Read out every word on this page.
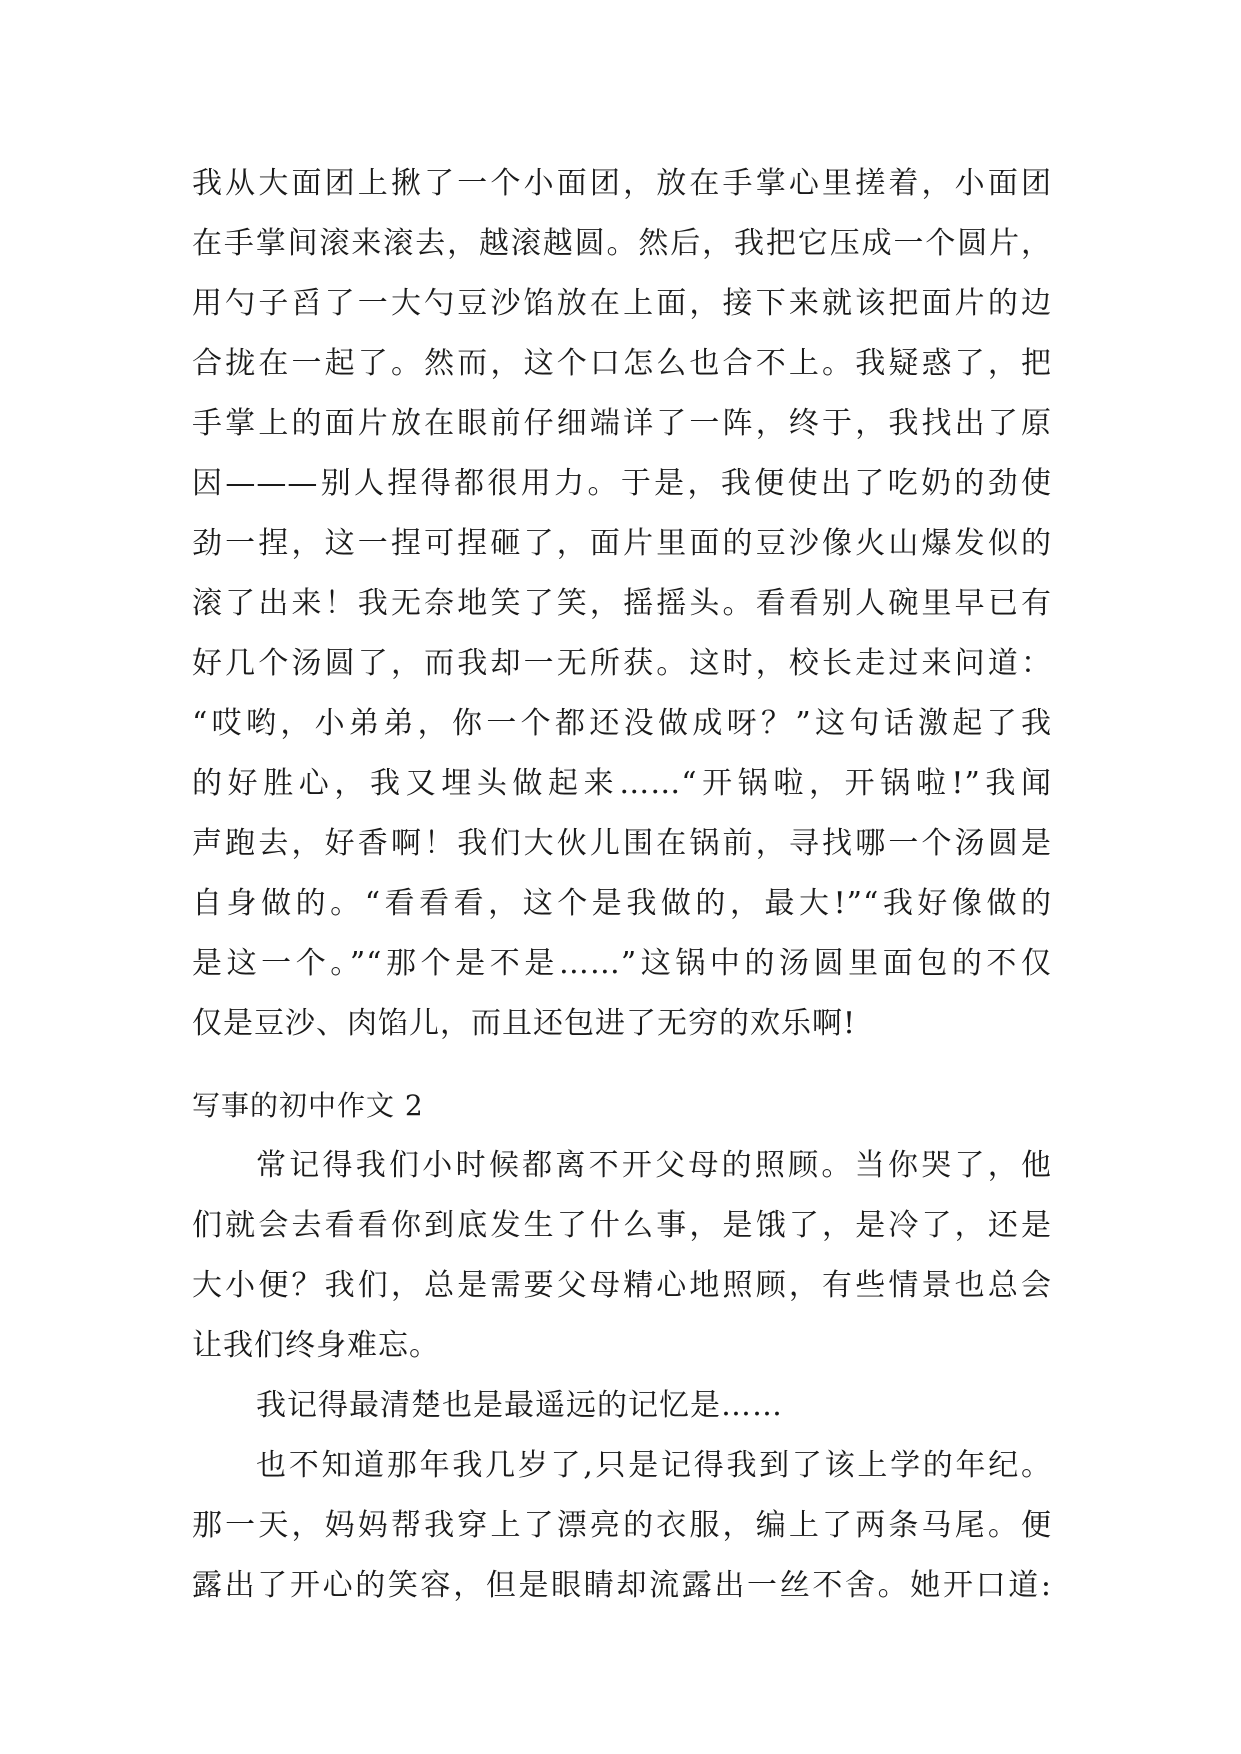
我从大面团上揪了一个小面团，放在手掌心里搓着，小面团
在手掌间滚来滚去，越滚越圆。然后，我把它压成一个圆片，
用勺子舀了一大勺豆沙馅放在上面，接下来就该把面片的边
合拢在一起了。然而，这个口怎么也合不上。我疑惑了，把
手掌上的面片放在眼前仔细端详了一阵，终于，我找出了原
因———别人捏得都很用力。于是，我便使出了吃奶的劲使
劲一捏，这一捏可捏砸了，面片里面的豆沙像火山爆发似的
滚了出来！我无奈地笑了笑，摇摇头。看看别人碗里早已有
好几个汤圆了，而我却一无所获。这时，校长走过来问道：
“哎哟，小弟弟，你一个都还没做成呀？”这句话激起了我
的好胜心，我又埋头做起来……“开锅啦，开锅啦!”我闻
声跑去，好香啊！我们大伙儿围在锅前，寻找哪一个汤圆是
自身做的。“看看看，这个是我做的，最大!”“我好像做的
是这一个。”“那个是不是……”这锅中的汤圆里面包的不仅
仅是豆沙、肉馅儿，而且还包进了无穷的欢乐啊!
写事的初中作文 2
常记得我们小时候都离不开父母的照顾。当你哭了，他
们就会去看看你到底发生了什么事，是饿了，是冷了，还是
大小便？我们，总是需要父母精心地照顾，有些情景也总会
让我们终身难忘。
我记得最清楚也是最遥远的记忆是……
也不知道那年我几岁了,只是记得我到了该上学的年纪。
那一天，妈妈帮我穿上了漂亮的衣服，编上了两条马尾。便
露出了开心的笑容，但是眼睛却流露出一丝不舍。她开口道:
